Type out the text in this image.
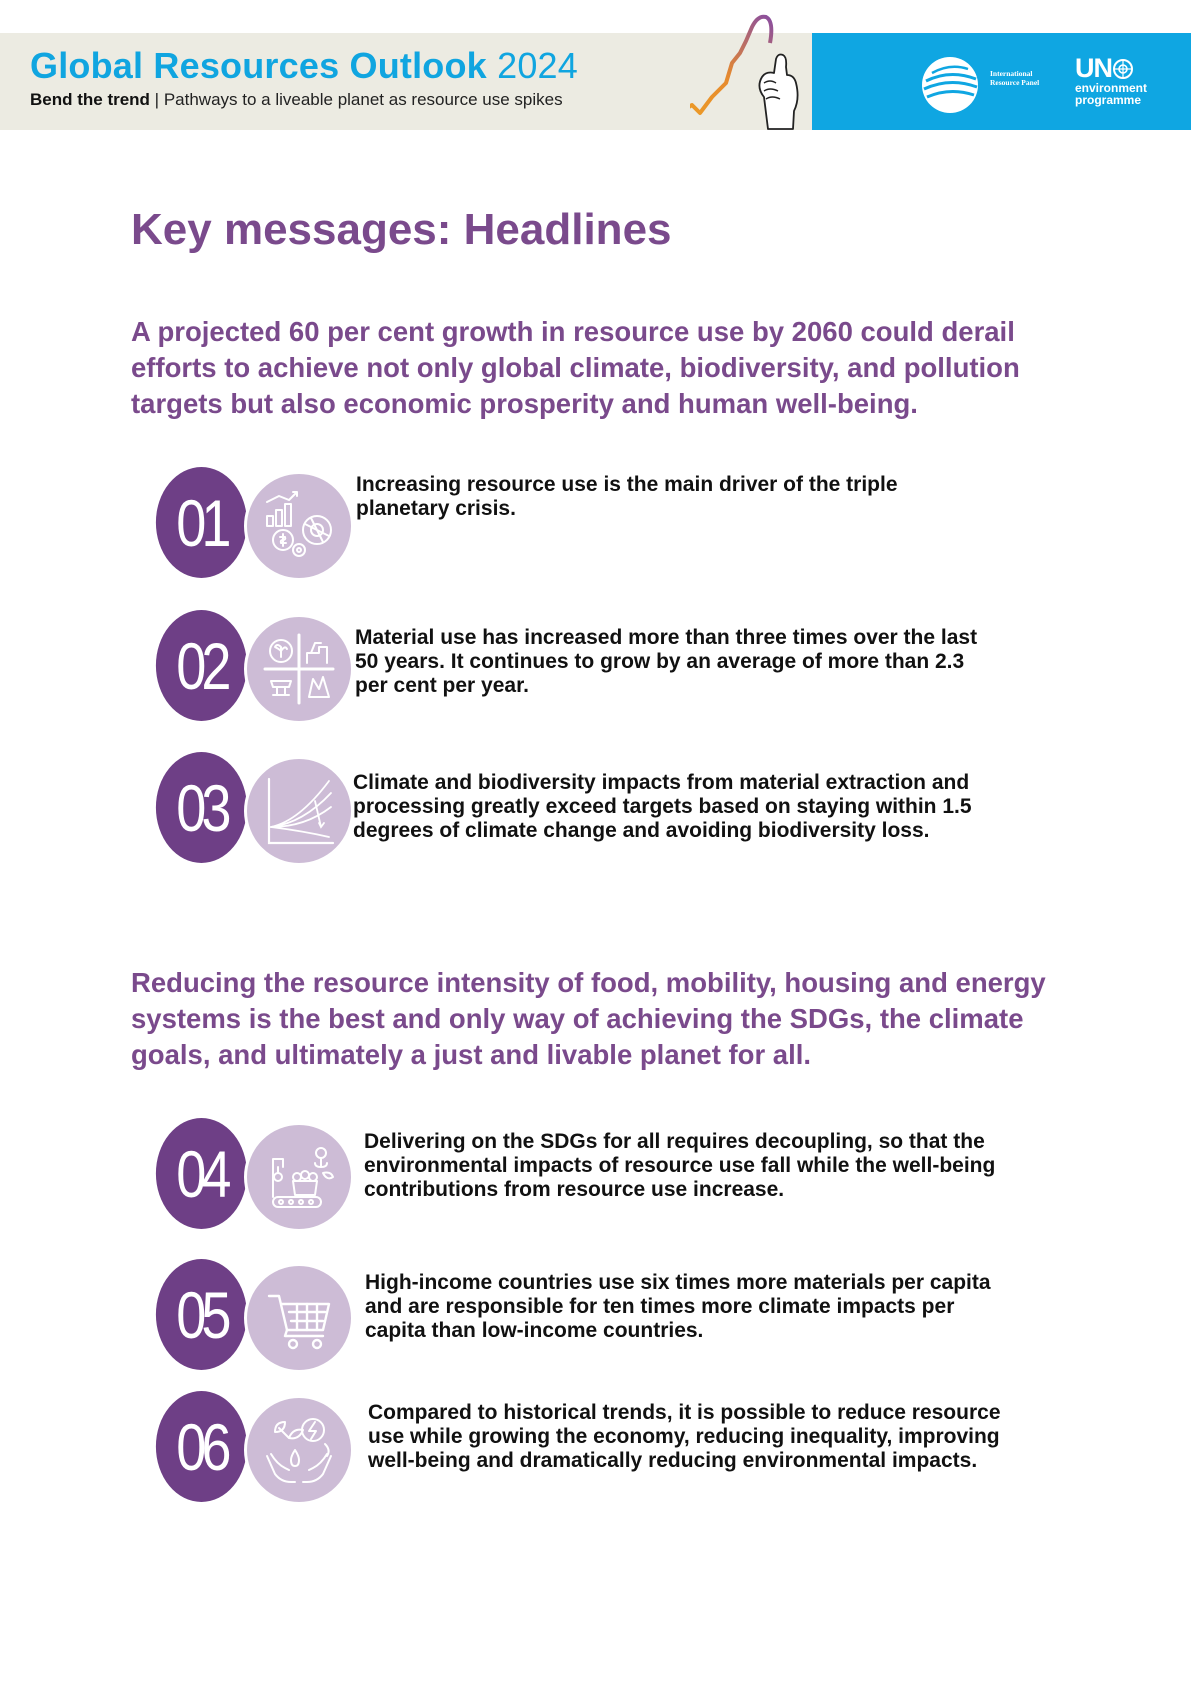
Global Resources Outlook 2024

Bend the trend | Pathways to a liveable planet as resource use spikes

International Resource Panel	UN
environment
programme
Key messages: Headlines

A projected 60 per cent growth in resource use by 2060 could derail efforts to achieve not only global climate, biodiversity, and pollution targets but also economic prosperity and human well-being.

01

Increasing resource use is the main driver of the triple planetary crisis.

02	Material use has increased more than three times over the last 50 years. It continues to grow by an average of more than 2.3 per cent per year.

03	Climate and biodiversity impacts from material extraction and processing greatly exceed targets based on staying within 1.5 degrees of climate change and avoiding biodiversity loss.

Reducing the resource intensity of food, mobility, housing and energy systems is the best and only way of achieving the SDGs, the climate goals, and ultimately a just and livable planet for all.

04	Delivering on the SDGs for all requires decoupling, so that the environmental impacts of resource use fall while the well-being contributions from resource use increase.

05	High-income countries use six times more materials per capita and are responsible for ten times more climate impacts per capita than low-income countries.

06	Compared to historical trends, it is possible to reduce resource use while growing the economy, reducing inequality, improving well-being and dramatically reducing environmental impacts.
